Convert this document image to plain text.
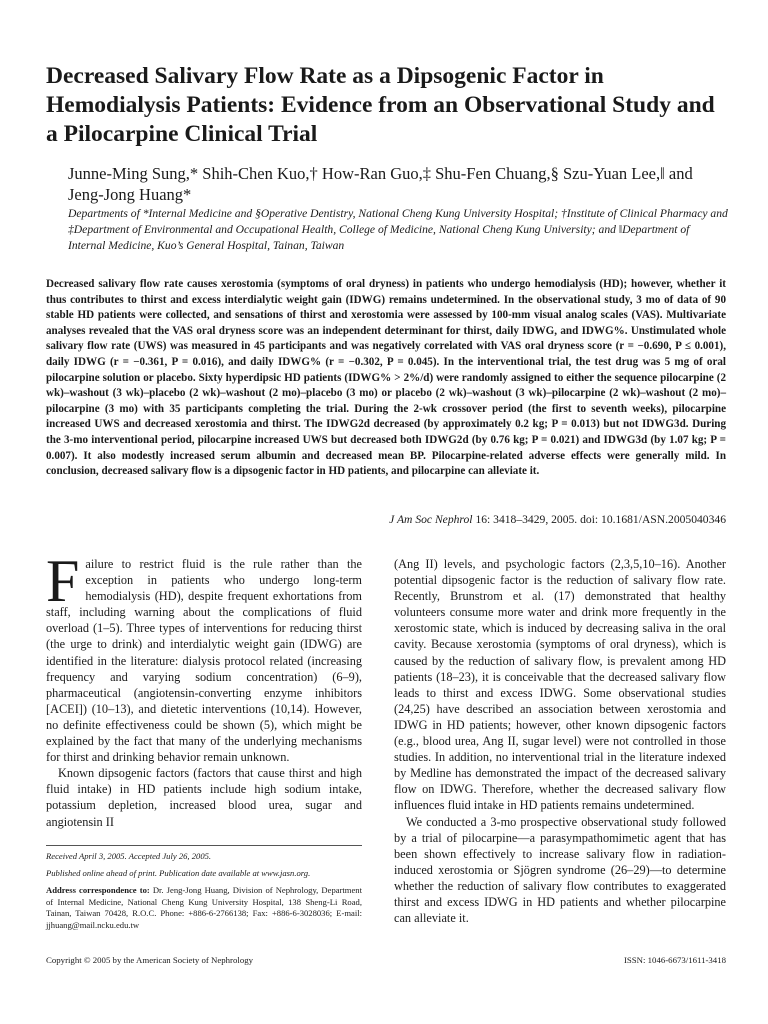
Decreased Salivary Flow Rate as a Dipsogenic Factor in Hemodialysis Patients: Evidence from an Observational Study and a Pilocarpine Clinical Trial
Junne-Ming Sung,* Shih-Chen Kuo,† How-Ran Guo,‡ Shu-Fen Chuang,§ Szu-Yuan Lee,‖ and Jeng-Jong Huang*
Departments of *Internal Medicine and §Operative Dentistry, National Cheng Kung University Hospital; †Institute of Clinical Pharmacy and ‡Department of Environmental and Occupational Health, College of Medicine, National Cheng Kung University; and ‖Department of Internal Medicine, Kuo’s General Hospital, Tainan, Taiwan

Decreased salivary flow rate causes xerostomia (symptoms of oral dryness) in patients who undergo hemodialysis (HD); however, whether it thus contributes to thirst and excess interdialytic weight gain (IDWG) remains undetermined. In the observational study, 3 mo of data of 90 stable HD patients were collected, and sensations of thirst and xerostomia were assessed by 100-mm visual analog scales (VAS). Multivariate analyses revealed that the VAS oral dryness score was an independent determinant for thirst, daily IDWG, and IDWG%. Unstimulated whole salivary flow rate (UWS) was measured in 45 participants and was negatively correlated with VAS oral dryness score (r = −0.690, P ≤ 0.001), daily IDWG (r = −0.361, P = 0.016), and daily IDWG% (r = −0.302, P = 0.045). In the interventional trial, the test drug was 5 mg of oral pilocarpine solution or placebo. Sixty hyperdipsic HD patients (IDWG% > 2%/d) were randomly assigned to either the sequence pilocarpine (2 wk)–washout (3 wk)–placebo (2 wk)–washout (2 mo)–placebo (3 mo) or placebo (2 wk)–washout (3 wk)–pilocarpine (2 wk)–washout (2 mo)–pilocarpine (3 mo) with 35 participants completing the trial. During the 2-wk crossover period (the first to seventh weeks), pilocarpine increased UWS and decreased xerostomia and thirst. The IDWG2d decreased (by approximately 0.2 kg; P = 0.013) but not IDWG3d. During the 3-mo interventional period, pilocarpine increased UWS but decreased both IDWG2d (by 0.76 kg; P = 0.021) and IDWG3d (by 1.07 kg; P = 0.007). It also modestly increased serum albumin and decreased mean BP. Pilocarpine-related adverse effects were generally mild. In conclusion, decreased salivary flow is a dipsogenic factor in HD patients, and pilocarpine can alleviate it.

J Am Soc Nephrol 16: 3418–3429, 2005. doi: 10.1681/ASN.2005040346

Failure to restrict fluid is the rule rather than the exception in patients who undergo long-term hemodialysis (HD), despite frequent exhortations from staff, including warning about the complications of fluid overload (1–5). Three types of interventions for reducing thirst (the urge to drink) and interdialytic weight gain (IDWG) are identified in the literature: dialysis protocol related (increasing frequency and varying sodium concentration) (6–9), pharmaceutical (angiotensin-converting enzyme inhibitors [ACEI]) (10–13), and dietetic interventions (10,14). However, no definite effectiveness could be shown (5), which might be explained by the fact that many of the underlying mechanisms for thirst and drinking behavior remain unknown.

Known dipsogenic factors (factors that cause thirst and high fluid intake) in HD patients include high sodium intake, potassium depletion, increased blood urea, sugar and angiotensin II

(Ang II) levels, and psychologic factors (2,3,5,10–16). Another potential dipsogenic factor is the reduction of salivary flow rate. Recently, Brunstrom et al. (17) demonstrated that healthy volunteers consume more water and drink more frequently in the xerostomic state, which is induced by decreasing saliva in the oral cavity. Because xerostomia (symptoms of oral dryness), which is caused by the reduction of salivary flow, is prevalent among HD patients (18–23), it is conceivable that the decreased salivary flow leads to thirst and excess IDWG. Some observational studies (24,25) have described an association between xerostomia and IDWG in HD patients; however, other known dipsogenic factors (e.g., blood urea, Ang II, sugar level) were not controlled in those studies. In addition, no interventional trial in the literature indexed by Medline has demonstrated the impact of the decreased salivary flow on IDWG. Therefore, whether the decreased salivary flow influences fluid intake in HD patients remains undetermined.

We conducted a 3-mo prospective observational study followed by a trial of pilocarpine—a parasympathomimetic agent that has been shown effectively to increase salivary flow in radiation-induced xerostomia or Sjögren syndrome (26–29)—to determine whether the reduction of salivary flow contributes to exaggerated thirst and excess IDWG in HD patients and whether pilocarpine can alleviate it.

Received April 3, 2005. Accepted July 26, 2005.
Published online ahead of print. Publication date available at www.jasn.org.
Address correspondence to: Dr. Jeng-Jong Huang, Division of Nephrology, Department of Internal Medicine, National Cheng Kung University Hospital, 138 Sheng-Li Road, Tainan, Taiwan 70428, R.O.C. Phone: +886-6-2766138; Fax: +886-6-3028036; E-mail: jjhuang@mail.ncku.edu.tw
Copyright © 2005 by the American Society of Nephrology	ISSN: 1046-6673/1611-3418
